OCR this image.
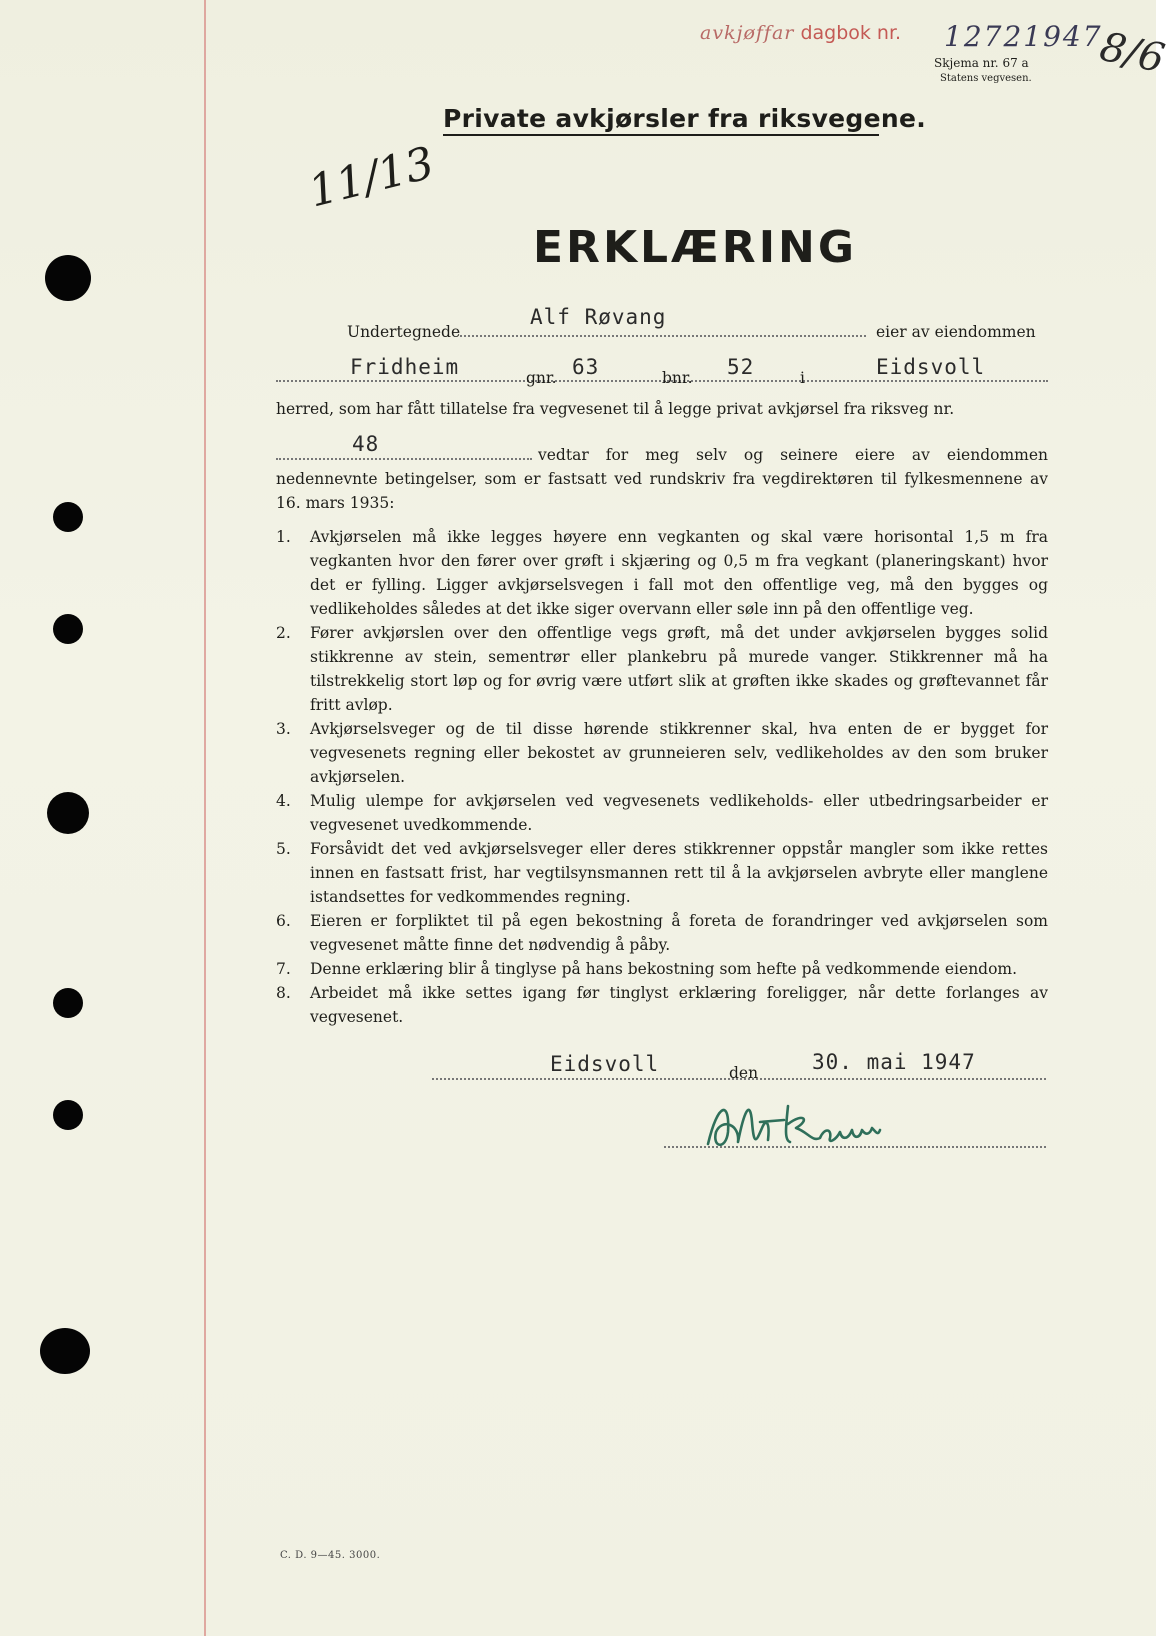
avkjøffar dagbok nr. 12721947
8/6
Skjema nr. 67 a
Statens vegvesen.
Private avkjørsler fra riksvegene.
11/13
ERKLÆRING
Undertegnede
Alf Røvang
eier av eiendommen
Fridheim	gnr. 63	bnr. 52	i	Eidsvoll
herred, som har fått tillatelse fra vegvesenet til å legge privat avkjørsel fra riksveg nr.
48	vedtar for meg selv og seinere eiere av eiendommen nedennevnte betingelser, som er fastsatt ved rundskriv fra vegdirektøren til fylkesmennene av 16. mars 1935:
1.	Avkjørselen må ikke legges høyere enn vegkanten og skal være horisontal 1,5 m fra vegkanten hvor den fører over grøft i skjæring og 0,5 m fra vegkant (planeringskant) hvor det er fylling. Ligger avkjørselsvegen i fall mot den offentlige veg, må den bygges og vedlikeholdes således at det ikke siger overvann eller søle inn på den offentlige veg.
2.	Fører avkjørslen over den offentlige vegs grøft, må det under avkjørselen bygges solid stikkrenne av stein, sementrør eller plankebru på murede vanger. Stikkrenner må ha tilstrekkelig stort løp og for øvrig være utført slik at grøften ikke skades og grøftevannet får fritt avløp.
3.	Avkjørselsveger og de til disse hørende stikkrenner skal, hva enten de er bygget for vegvesenets regning eller bekostet av grunneieren selv, vedlikeholdes av den som bruker avkjørselen.
4.	Mulig ulempe for avkjørselen ved vegvesenets vedlikeholds- eller utbedringsarbeider er vegvesenet uvedkommende.
5.	Forsåvidt det ved avkjørselsveger eller deres stikkrenner oppstår mangler som ikke rettes innen en fastsatt frist, har vegtilsynsmannen rett til å la avkjørselen avbryte eller manglene istandsettes for vedkommendes regning.
6.	Eieren er forpliktet til på egen bekostning å foreta de forandringer ved avkjørselen som vegvesenet måtte finne det nødvendig å påby.
7.	Denne erklæring blir å tinglyse på hans bekostning som hefte på vedkommende eiendom.
8.	Arbeidet må ikke settes igang før tinglyst erklæring foreligger, når dette forlanges av vegvesenet.
Eidsvoll	den	30. mai 1947
C. D. 9—45. 3000.
